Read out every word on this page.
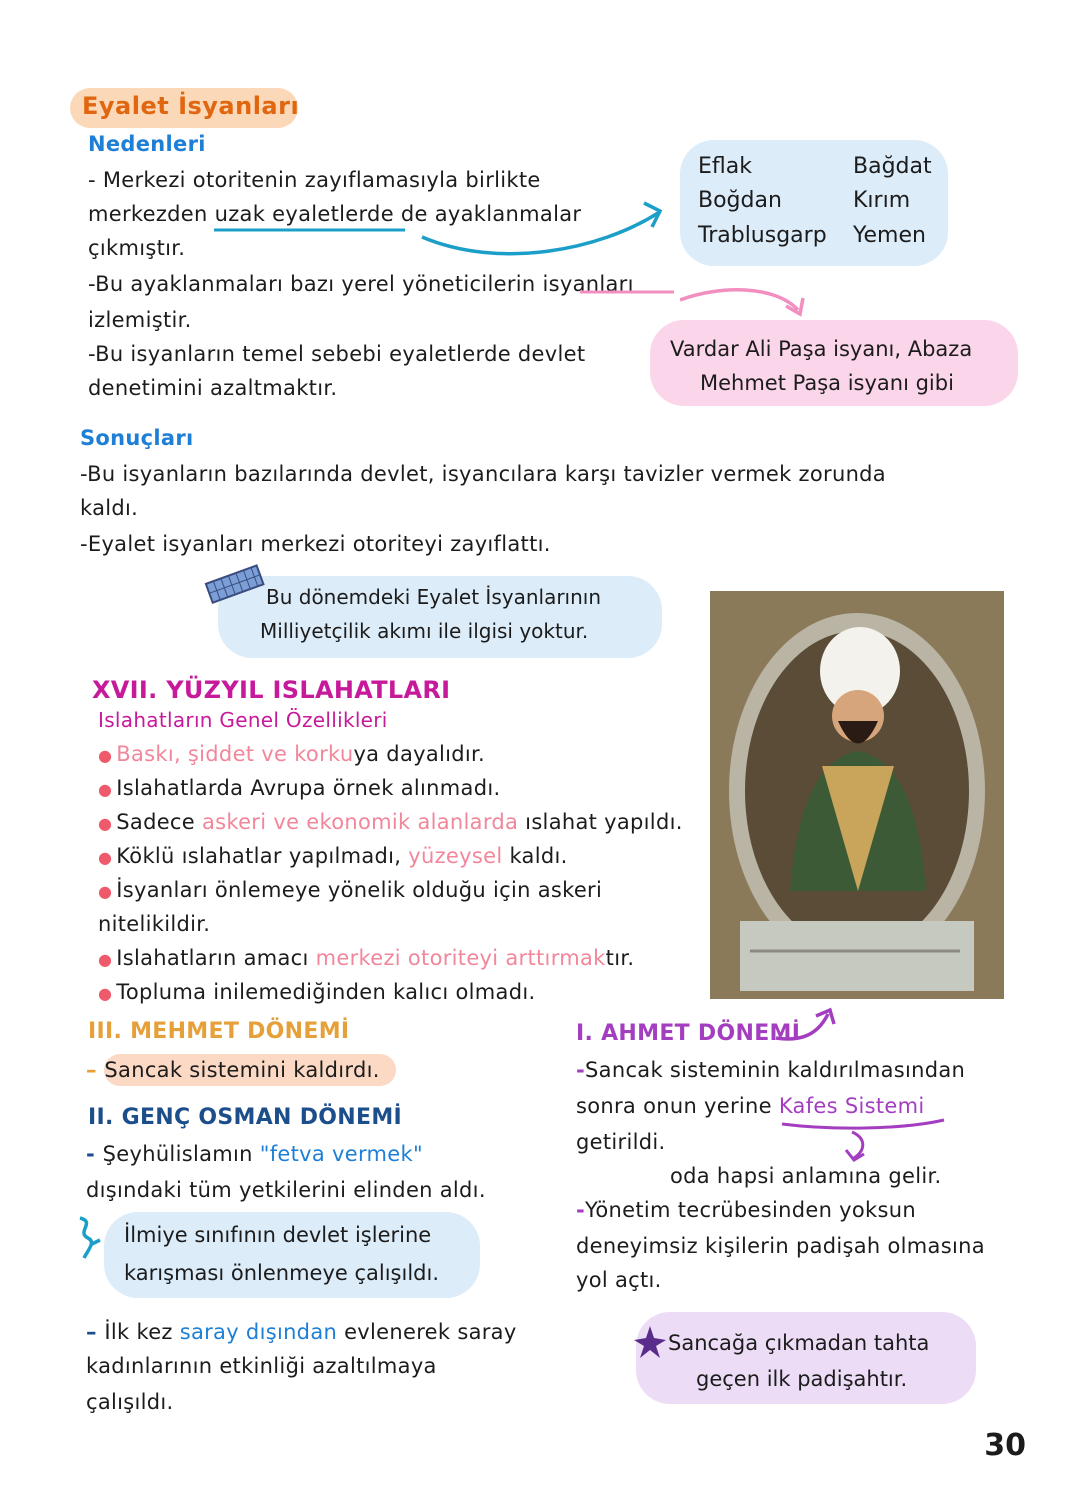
Eyalet İsyanları
Nedenleri
- Merkezi otoritenin zayıflamasıyla birlikte
merkezden uzak eyaletlerde de ayaklanmalar
çıkmıştır.
-Bu ayaklanmaları bazı yerel yöneticilerin isyanları
izlemiştir.
-Bu isyanların temel sebebi eyaletlerde devlet
denetimini azaltmaktır.
Eflak
Boğdan
Trablusgarp
Bağdat
Kırım
Yemen
Vardar Ali Paşa isyanı, Abaza
Mehmet Paşa isyanı gibi
Sonuçları
-Bu isyanların bazılarında devlet, isyancılara karşı tavizler vermek zorunda
kaldı.
-Eyalet isyanları merkezi otoriteyi zayıflattı.
Bu dönemdeki Eyalet İsyanlarının
Milliyetçilik akımı ile ilgisi yoktur.
XVII. YÜZYIL ISLAHATLARI
Islahatların Genel Özellikleri
● Baskı, şiddet ve korkuya dayalıdır.
● Islahatlarda Avrupa örnek alınmadı.
● Sadece askeri ve ekonomik alanlarda ıslahat yapıldı.
● Köklü ıslahatlar yapılmadı, yüzeysel kaldı.
● İsyanları önlemeye yönelik olduğu için askeri
nitelikildir.
● Islahatların amacı merkezi otoriteyi arttırmaktır.
● Topluma inilemediğinden kalıcı olmadı.
III. MEHMET DÖNEMİ
– Sancak sistemini kaldırdı.
II. GENÇ OSMAN DÖNEMİ
- Şeyhülislamın "fetva vermek"
dışındaki tüm yetkilerini elinden aldı.
İlmiye sınıfının devlet işlerine
karışması önlenmeye çalışıldı.
– İlk kez saray dışından evlenerek saray
kadınlarının etkinliği azaltılmaya
çalışıldı.
I. AHMET DÖNEMİ
-Sancak sisteminin kaldırılmasından
sonra onun yerine Kafes Sistemi
getirildi.
oda hapsi anlamına gelir.
-Yönetim tecrübesinden yoksun
deneyimsiz kişilerin padişah olmasına
yol açtı.
Sancağa çıkmadan tahta
geçen ilk padişahtır.
30
